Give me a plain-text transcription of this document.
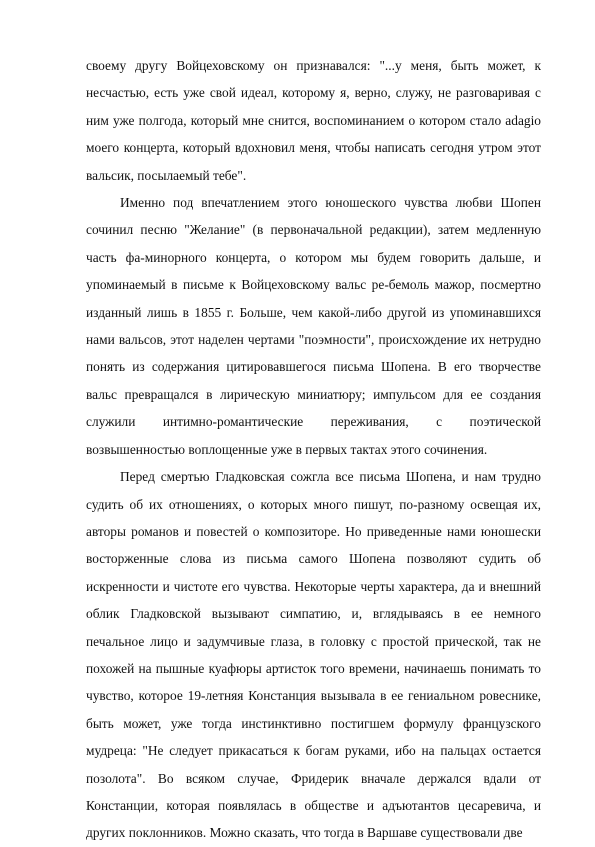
своему другу Войцеховскому он признавался: "...у меня, быть может, к несчастью, есть уже свой идеал, которому я, верно, служу, не разговаривая с ним уже полгода, который мне снится, воспоминанием о котором стало adagio моего концерта, который вдохновил меня, чтобы написать сегодня утром этот вальсик, посылаемый тебе".

Именно под впечатлением этого юношеского чувства любви Шопен сочинил песню "Желание" (в первоначальной редакции), затем медленную часть фа-минорного концерта, о котором мы будем говорить дальше, и упоминаемый в письме к Войцеховскому вальс ре-бемоль мажор, посмертно изданный лишь в 1855 г. Больше, чем какой-либо другой из упоминавшихся нами вальсов, этот наделен чертами "поэмности", происхождение их нетрудно понять из содержания цитировавшегося письма Шопена. В его творчестве вальс превращался в лирическую миниатюру; импульсом для ее создания служили интимно-романтические переживания, с поэтической возвышенностью воплощенные уже в первых тактах этого сочинения.

Перед смертью Гладковская сожгла все письма Шопена, и нам трудно судить об их отношениях, о которых много пишут, по-разному освещая их, авторы романов и повестей о композиторе. Но приведенные нами юношески восторженные слова из письма самого Шопена позволяют судить об искренности и чистоте его чувства. Некоторые черты характера, да и внешний облик Гладковской вызывают симпатию, и, вглядываясь в ее немного печальное лицо и задумчивые глаза, в головку с простой прической, так не похожей на пышные куафюры артисток того времени, начинаешь понимать то чувство, которое 19-летняя Констанция вызывала в ее гениальном ровеснике, быть может, уже тогда инстинктивно постигшем формулу французского мудреца: "Не следует прикасаться к богам руками, ибо на пальцах остается позолота". Во всяком случае, Фридерик вначале держался вдали от Констанции, которая появлялась в обществе и адъютантов цесаревича, и других поклонников. Можно сказать, что тогда в Варшаве существовали две
